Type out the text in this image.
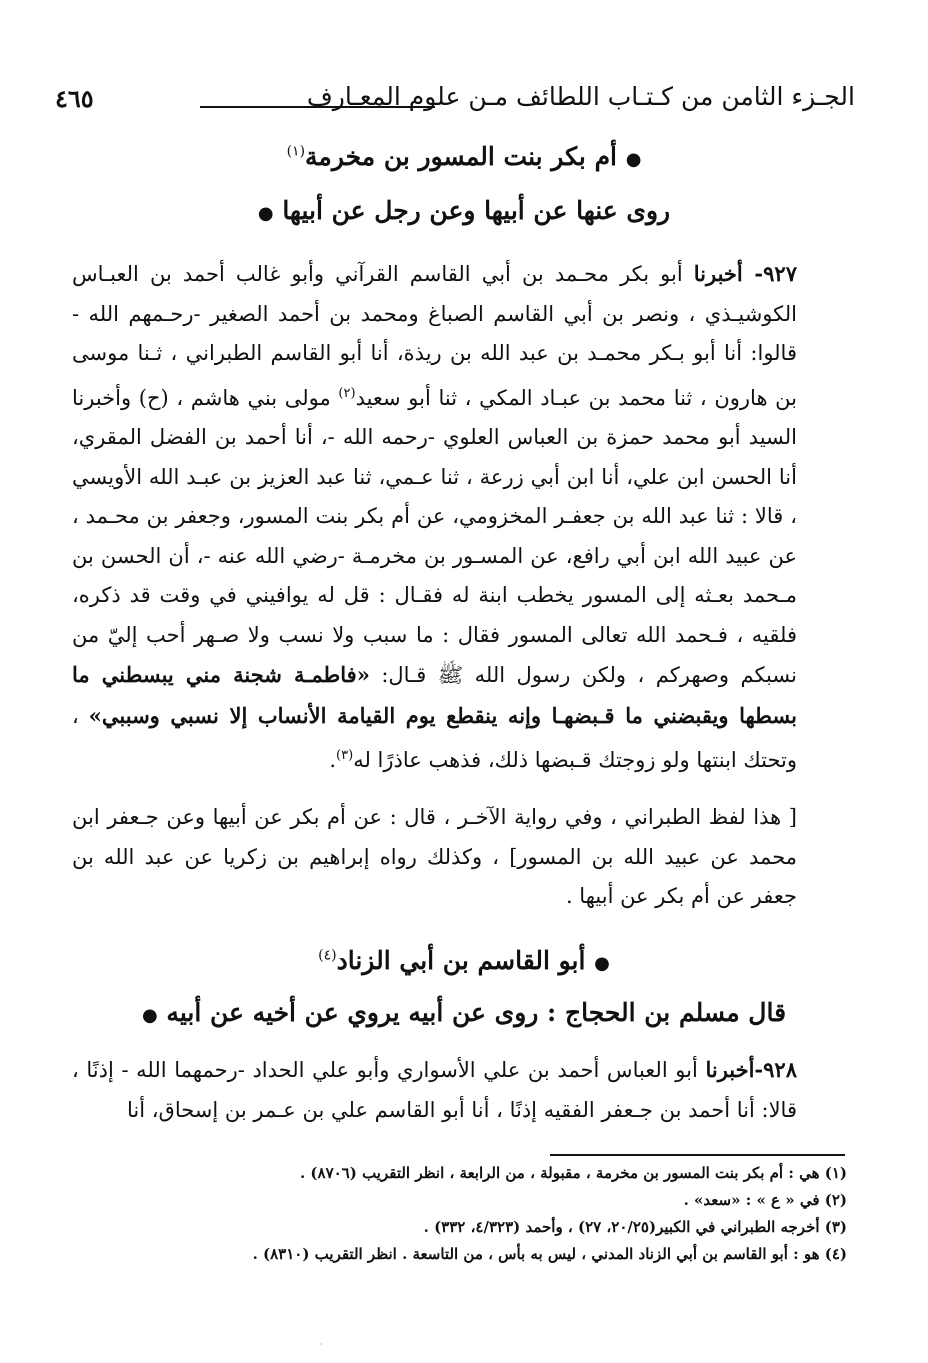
٤٦٥	الجـزء الثامن من كـتـاب اللطائف مـن علوم المعـارف
● أم بكر بنت المسور بن مخرمة$^{(١)}$
روى عنها عن أبيها وعن رجل عن أبيها ●
٩٢٧- أخبرنا أبو بكر محـمد بن أبي القاسم القرآني وأبو غالب أحمد بن العبـاس الكوشيـذي ، ونصر بن أبي القاسم الصباغ ومحمد بن أحمد الصغير -رحـمهم الله - قالوا: أنا أبو بـكر محمـد بن عبد الله بن ريذة، أنا أبو القاسم الطبراني ، ثـنا موسى بن هارون ، ثنا محمد بن عبـاد المكي ، ثنا أبو سعيد$^{(٢)}$ مولى بني هاشم ، (ح) وأخبرنا السيد أبو محمد حمزة بن العباس العلوي -رحمه الله -، أنا أحمد بن الفضل المقري، أنا الحسن ابن علي، أنا ابن أبي زرعة ، ثنا عـمي، ثنا عبد العزيز بن عبـد الله الأويسي ، قالا : ثنا عبد الله بن جعفـر المخزومي، عن أم بكر بنت المسور، وجعفر بن محـمد ، عن عبيد الله ابن أبي رافع، عن المسـور بن مخرمـة -رضي الله عنه -، أن الحسن بن مـحمد بعـثه إلى المسور يخطب ابنة له فقـال : قل له يوافيني في وقت قد ذكره، فلقيه ، فـحمد الله تعالى المسور فقال : ما سبب ولا نسب ولا صـهر أحب إليّ من نسبكم وصهركم ، ولكن رسول الله ﷺ قـال: «فاطمـة شجنة مني يبسطني ما بسطها ويقبضني ما قـبضهـا وإنه ينقطع يوم القيامة الأنساب إلا نسبي وسببي» ، وتحتك ابنتها ولو زوجتك قـبضها ذلك، فذهب عاذرًا له$^{(٣)}$.
[ هذا لفظ الطبراني ، وفي رواية الآخـر ، قال : عن أم بكر عن أبيها وعن جـعفر ابن محمد عن عبيد الله بن المسور] ، وكذلك رواه إبراهيم بن زكريا عن عبد الله بن جعفر عن أم بكر عن أبيها .
● أبو القاسم بن أبي الزناد$^{(٤)}$
قال مسلم بن الحجاج : روى عن أبيه يروي عن أخيه عن أبيه ●
٩٢٨-أخبرنا أبو العباس أحمد بن علي الأسواري وأبو علي الحداد -رحمهما الله - إذنًا ، قالا: أنا أحمد بن جـعفر الفقيه إذنًا ، أنا أبو القاسم علي بن عـمر بن إسحاق، أنا
(١) هي : أم بكر بنت المسور بن مخرمة ، مقبولة ، من الرابعة ، انظر التقريب (٨٧٠٦) .
(٢) في « ع » : «سعد» .
(٣) أخرجه الطبراني في الكبير(٢٠/٢٥، ٢٧) ، وأحمد (٤/٣٢٣، ٣٣٢) .
(٤) هو : أبو القاسم بن أبي الزناد المدني ، ليس به بأس ، من التاسعة . انظر التقريب (٨٣١٠) .
·
